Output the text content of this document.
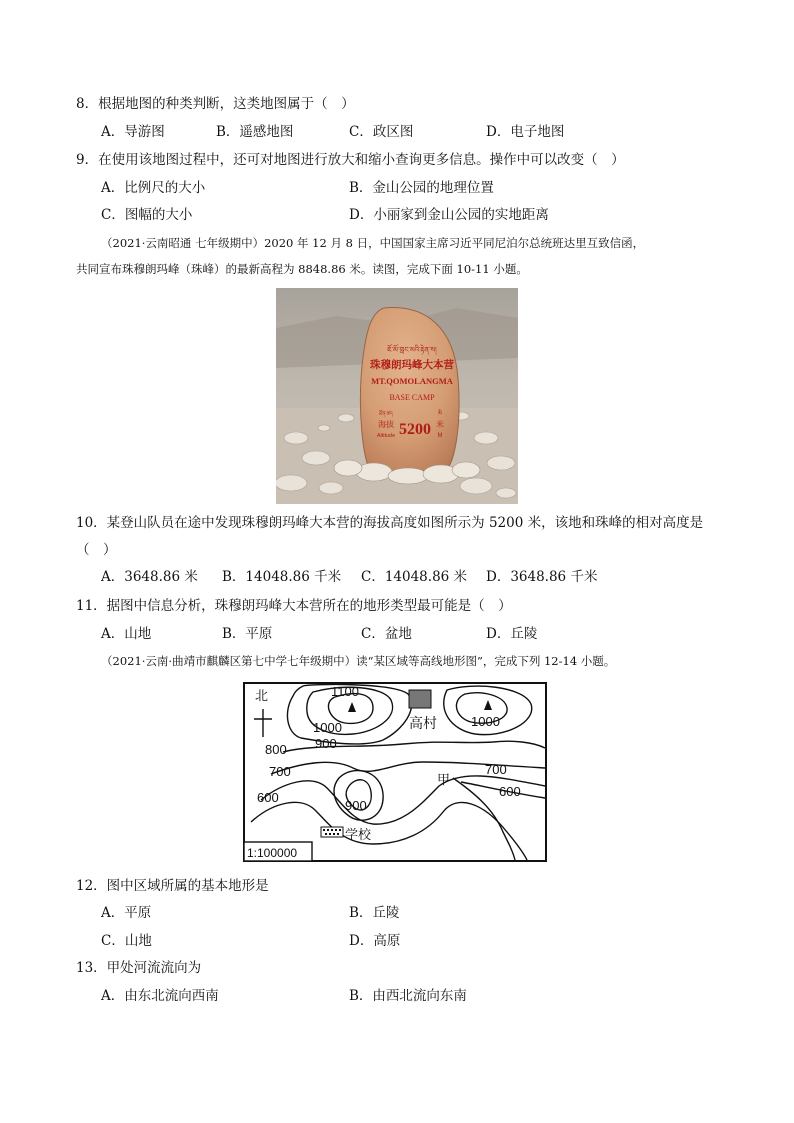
8．根据地图的种类判断，这类地图属于（　）
A．导游图	B．遥感地图	C．政区图	D．电子地图
9．在使用该地图过程中，还可对地图进行放大和缩小查询更多信息。操作中可以改变（　）
A．比例尺的大小	B．金山公园的地理位置
C．图幅的大小	D．小丽家到金山公园的实地距离
（2021·云南昭通 七年级期中）2020 年 12 月 8 日，中国国家主席习近平同尼泊尔总统班达里互致信函，
共同宣布珠穆朗玛峰（珠峰）的最新高程为 8848.86 米。读图，完成下面 10-11 小题。
ཇོ་མོ་གླང་མའི་རྟེན་ས།
珠穆朗玛峰大本营
MT.QOMOLANGMA
BASE CAMP
ཐོན་ཚད
海拔
Altitude 5200
མི
米
M
10．某登山队员在途中发现珠穆朗玛峰大本营的海拔高度如图所示为 5200 米，该地和珠峰的相对高度是
（　）
A．3648.86 米 B．14048.86 千米 C．14048.86 米 D．3648.86 千米
11．据图中信息分析，珠穆朗玛峰大本营所在的地形类型最可能是（　）
A．山地	B．平原	C．盆地	D．丘陵
（2021·云南·曲靖市麒麟区第七中学七年级期中）读“某区域等高线地形图”，完成下列 12-14 小题。
北	1100
1000
900
1000
800
700
600
900
700
600
高村
甲
学校
1:100000
12．图中区域所属的基本地形是
A．平原	B．丘陵
C．山地	D．高原
13．甲处河流流向为
A．由东北流向西南	B．由西北流向东南
